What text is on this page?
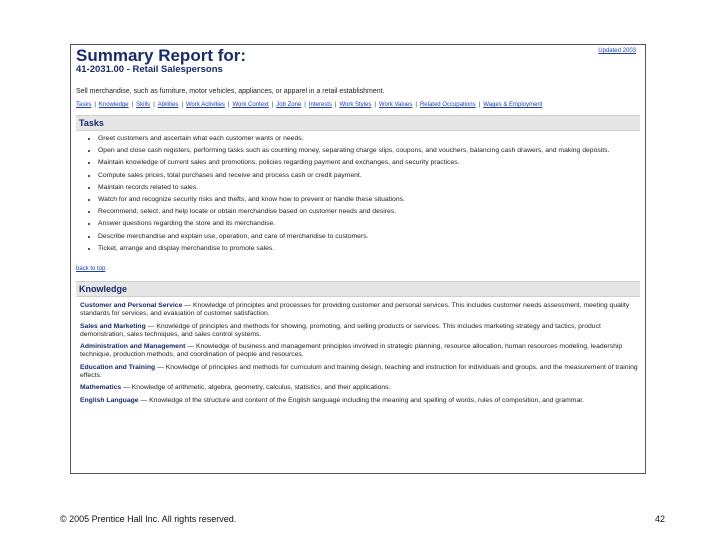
Updated 2003
Summary Report for:
41-2031.00 - Retail Salespersons
Sell merchandise, such as furniture, motor vehicles, appliances, or apparel in a retail establishment.
Tasks | Knowledge | Skills | Abilities | Work Activities | Work Context | Job Zone | Interests | Work Styles | Work Values | Related Occupations | Wages & Employment
Tasks
• Greet customers and ascertain what each customer wants or needs.
• Open and close cash registers, performing tasks such as counting money, separating charge slips, coupons, and vouchers, balancing cash drawers, and making deposits.
• Maintain knowledge of current sales and promotions, policies regarding payment and exchanges, and security practices.
• Compute sales prices, total purchases and receive and process cash or credit payment.
• Maintain records related to sales.
• Watch for and recognize security risks and thefts, and know how to prevent or handle these situations.
• Recommend, select, and help locate or obtain merchandise based on customer needs and desires.
• Answer questions regarding the store and its merchandise.
• Describe merchandise and explain use, operation, and care of merchandise to customers.
• Ticket, arrange and display merchandise to promote sales.
back to top
Knowledge
Customer and Personal Service — Knowledge of principles and processes for providing customer and personal services. This includes customer needs assessment, meeting quality standards for services, and evaluation of customer satisfaction.
Sales and Marketing — Knowledge of principles and methods for showing, promoting, and selling products or services. This includes marketing strategy and tactics, product demonstration, sales techniques, and sales control systems.
Administration and Management — Knowledge of business and management principles involved in strategic planning, resource allocation, human resources modeling, leadership technique, production methods, and coordination of people and resources.
Education and Training — Knowledge of principles and methods for curriculum and training design, teaching and instruction for individuals and groups, and the measurement of training effects.
Mathematics — Knowledge of arithmetic, algebra, geometry, calculus, statistics, and their applications.
English Language — Knowledge of the structure and content of the English language including the meaning and spelling of words, rules of composition, and grammar.
© 2005 Prentice Hall Inc. All rights reserved.	42
